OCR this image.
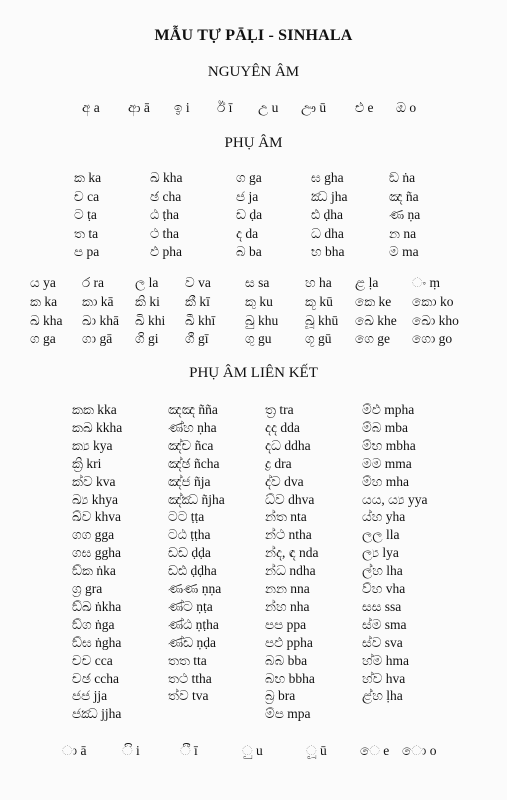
MẪU TỰ PĀḶI - SINHALA
NGUYÊN ÂM
අ a ආ ā ඉ i ඊ ī උ u ඌ ū එ e ඔ o
PHỤ ÂM
ක ka	ඛ kha	ග ga	ඝ gha	ඞ ṅa
ච ca	ඡ cha	ජ ja	ඣ jha	ඤ ña
ට ṭa	ඨ ṭha	ඩ ḍa	ඪ ḍha	ණ ṇa
ත ta	ථ tha	ද da	ධ dha	න na
ප pa	ඵ pha	බ ba	භ bha	ම ma
ය ya ර ra ල la ව va	ස sa	හ ha ළ ḷa ං ṃ
ක ka කා kā කි ki කී kī	කු ku කූ kū කෙ ke කො ko
ඛ kha ඛා khā ඛි khi ඛී khī ඛු khu ඛූ khū ඛෙ khe ඛො kho
ග ga ගා gā ගි gi ගී gī	ගු gu ගූ gū ගෙ ge ගො go
PHỤ ÂM LIÊN KẾT
කක kka	ඤඤ ñña	ත්‍ර tra	ම්ඵ mpha
කඛ kkha	ණ්හ ṇha	දද dda	ම්බ mba
ක්‍ය kya	ඤ්ච ñca	දධ ddha	ම්භ mbha
ක්‍රි kri	ඤ්ඡ ñcha	ද්‍ර dra	මම mma
ක්ව kva	ඤ්ජ ñja	ද්ව dva	ම්හ mha
ඛ්‍ය khya	ඤ්ඣ ñjha	ධ්ව dhva	යය, ය්‍ය yya
ඛ්ව khva	ටට ṭṭa	න්ත nta	ය්හ yha
ගග gga	ටඨ ṭṭha	න්ථ ntha	ලල lla
ගඝ ggha	ඩඩ ḍḍa	න්ද, ඳ nda	ල්‍ය lya
ඞ්ක ṅka	ඩඪ ḍḍha	න්ධ ndha	ල්හ lha
ග්‍ර gra	ණණ ṇṇa	නන nna	ව්හ vha
ඞ්ඛ ṅkha	ණ්ට ṇṭa	න්හ nha	සස ssa
ඞ්ග ṅga	ණ්ඨ ṇṭha	පප ppa	ස්ම sma
ඞ්ඝ ṅgha	ණ්ඩ ṇḍa	පඵ ppha	ස්ව sva
චච cca	තත tta	බබ bba	හ්ම hma
චඡ ccha	තථ ttha	බභ bbha	හ්ව hva
ජජ jja	ත්ව tva	බ්‍ර bra	ළ්හ ḷha
ජඣ jjha	ම්ප mpa
ා ā	ි i	ී ī	ු u	ූ ū ෙ e ො o
